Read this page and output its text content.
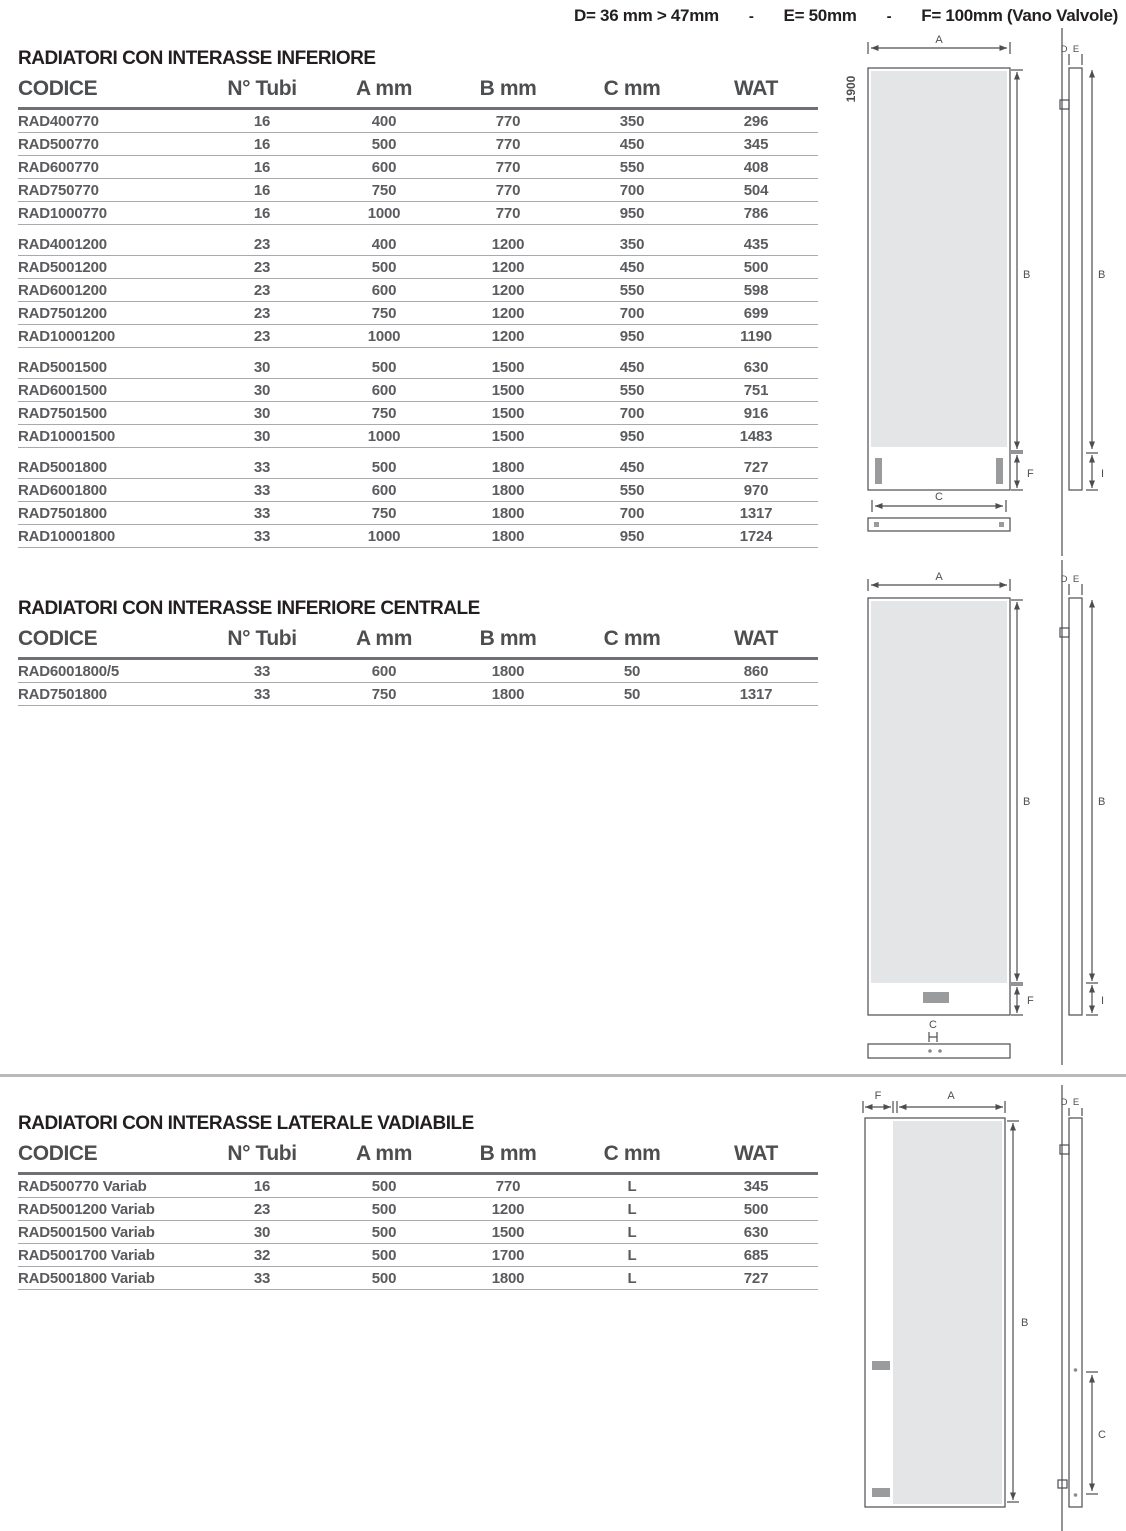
D= 36 mm > 47mm - E= 50mm - F= 100mm (Vano Valvole)
RADIATORI CON INTERASSE INFERIORE
CODICE	N° Tubi	A mm	B mm	C mm	WAT
RAD400770	16	400	770	350	296
RAD500770	16	500	770	450	345
RAD600770	16	600	770	550	408
RAD750770	16	750	770	700	504
RAD1000770	16	1000	770	950	786
RAD4001200	23	400	1200	350	435
RAD5001200	23	500	1200	450	500
RAD6001200	23	600	1200	550	598
RAD7501200	23	750	1200	700	699
RAD10001200	23	1000	1200	950	1190
RAD5001500	30	500	1500	450	630
RAD6001500	30	600	1500	550	751
RAD7501500	30	750	1500	700	916
RAD10001500	30	1000	1500	950	1483
RAD5001800	33	500	1800	450	727
RAD6001800	33	600	1800	550	970
RAD7501800	33	750	1800	700	1317
RAD10001800	33	1000	1800	950	1724
RADIATORI CON INTERASSE INFERIORE CENTRALE
CODICE	N° Tubi	A mm	B mm	C mm	WAT
RAD6001800/5	33	600	1800	50	860
RAD7501800	33	750	1800	50	1317
RADIATORI CON INTERASSE LATERALE VADIABILE
CODICE	N° Tubi	A mm	B mm	C mm	WAT
RAD500770 Variab	16	500	770	L	345
RAD5001200 Variab	23	500	1200	L	500
RAD5001500 Variab	30	500	1500	L	630
RAD5001700 Variab	32	500	1700	L	685
RAD5001800 Variab	33	500	1800	L	727
1900
A
B
F
C
D E
B
I
A
B
F
C
D E
B
I
F	A
B
D E
C
